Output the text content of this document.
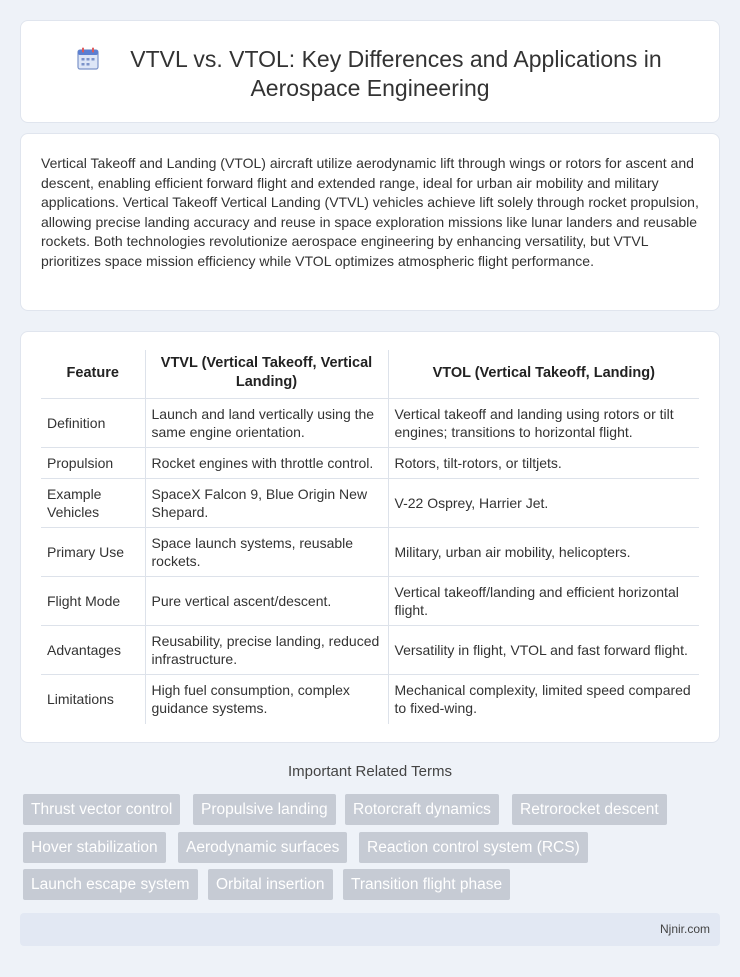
VTVL vs. VTOL: Key Differences and Applications in
Aerospace Engineering

Vertical Takeoff and Landing (VTOL) aircraft utilize aerodynamic lift through wings or rotors for ascent and descent, enabling efficient forward flight and extended range, ideal for urban air mobility and military applications. Vertical Takeoff Vertical Landing (VTVL) vehicles achieve lift solely through rocket propulsion, allowing precise landing accuracy and reuse in space exploration missions like lunar landers and reusable rockets. Both technologies revolutionize aerospace engineering by enhancing versatility, but VTVL prioritizes space mission efficiency while VTOL optimizes atmospheric flight performance.

Feature	VTVL (Vertical Takeoff, Vertical Landing)	VTOL (Vertical Takeoff, Landing)
Definition	Launch and land vertically using the same engine orientation.	Vertical takeoff and landing using rotors or tilt engines; transitions to horizontal flight.
Propulsion	Rocket engines with throttle control.	Rotors, tilt-rotors, or tiltjets.
Example Vehicles	SpaceX Falcon 9, Blue Origin New Shepard.	V-22 Osprey, Harrier Jet.
Primary Use	Space launch systems, reusable rockets.	Military, urban air mobility, helicopters.
Flight Mode	Pure vertical ascent/descent.	Vertical takeoff/landing and efficient horizontal flight.
Advantages	Reusability, precise landing, reduced infrastructure.	Versatility in flight, VTOL and fast forward flight.
Limitations	High fuel consumption, complex guidance systems.	Mechanical complexity, limited speed compared to fixed-wing.
Important Related Terms
Thrust vector control	Propulsive landing	Rotorcraft dynamics	Retrorocket descent
Hover stabilization	Aerodynamic surfaces	Reaction control system (RCS)
Launch escape system	Orbital insertion	Transition flight phase
Njnir.com
